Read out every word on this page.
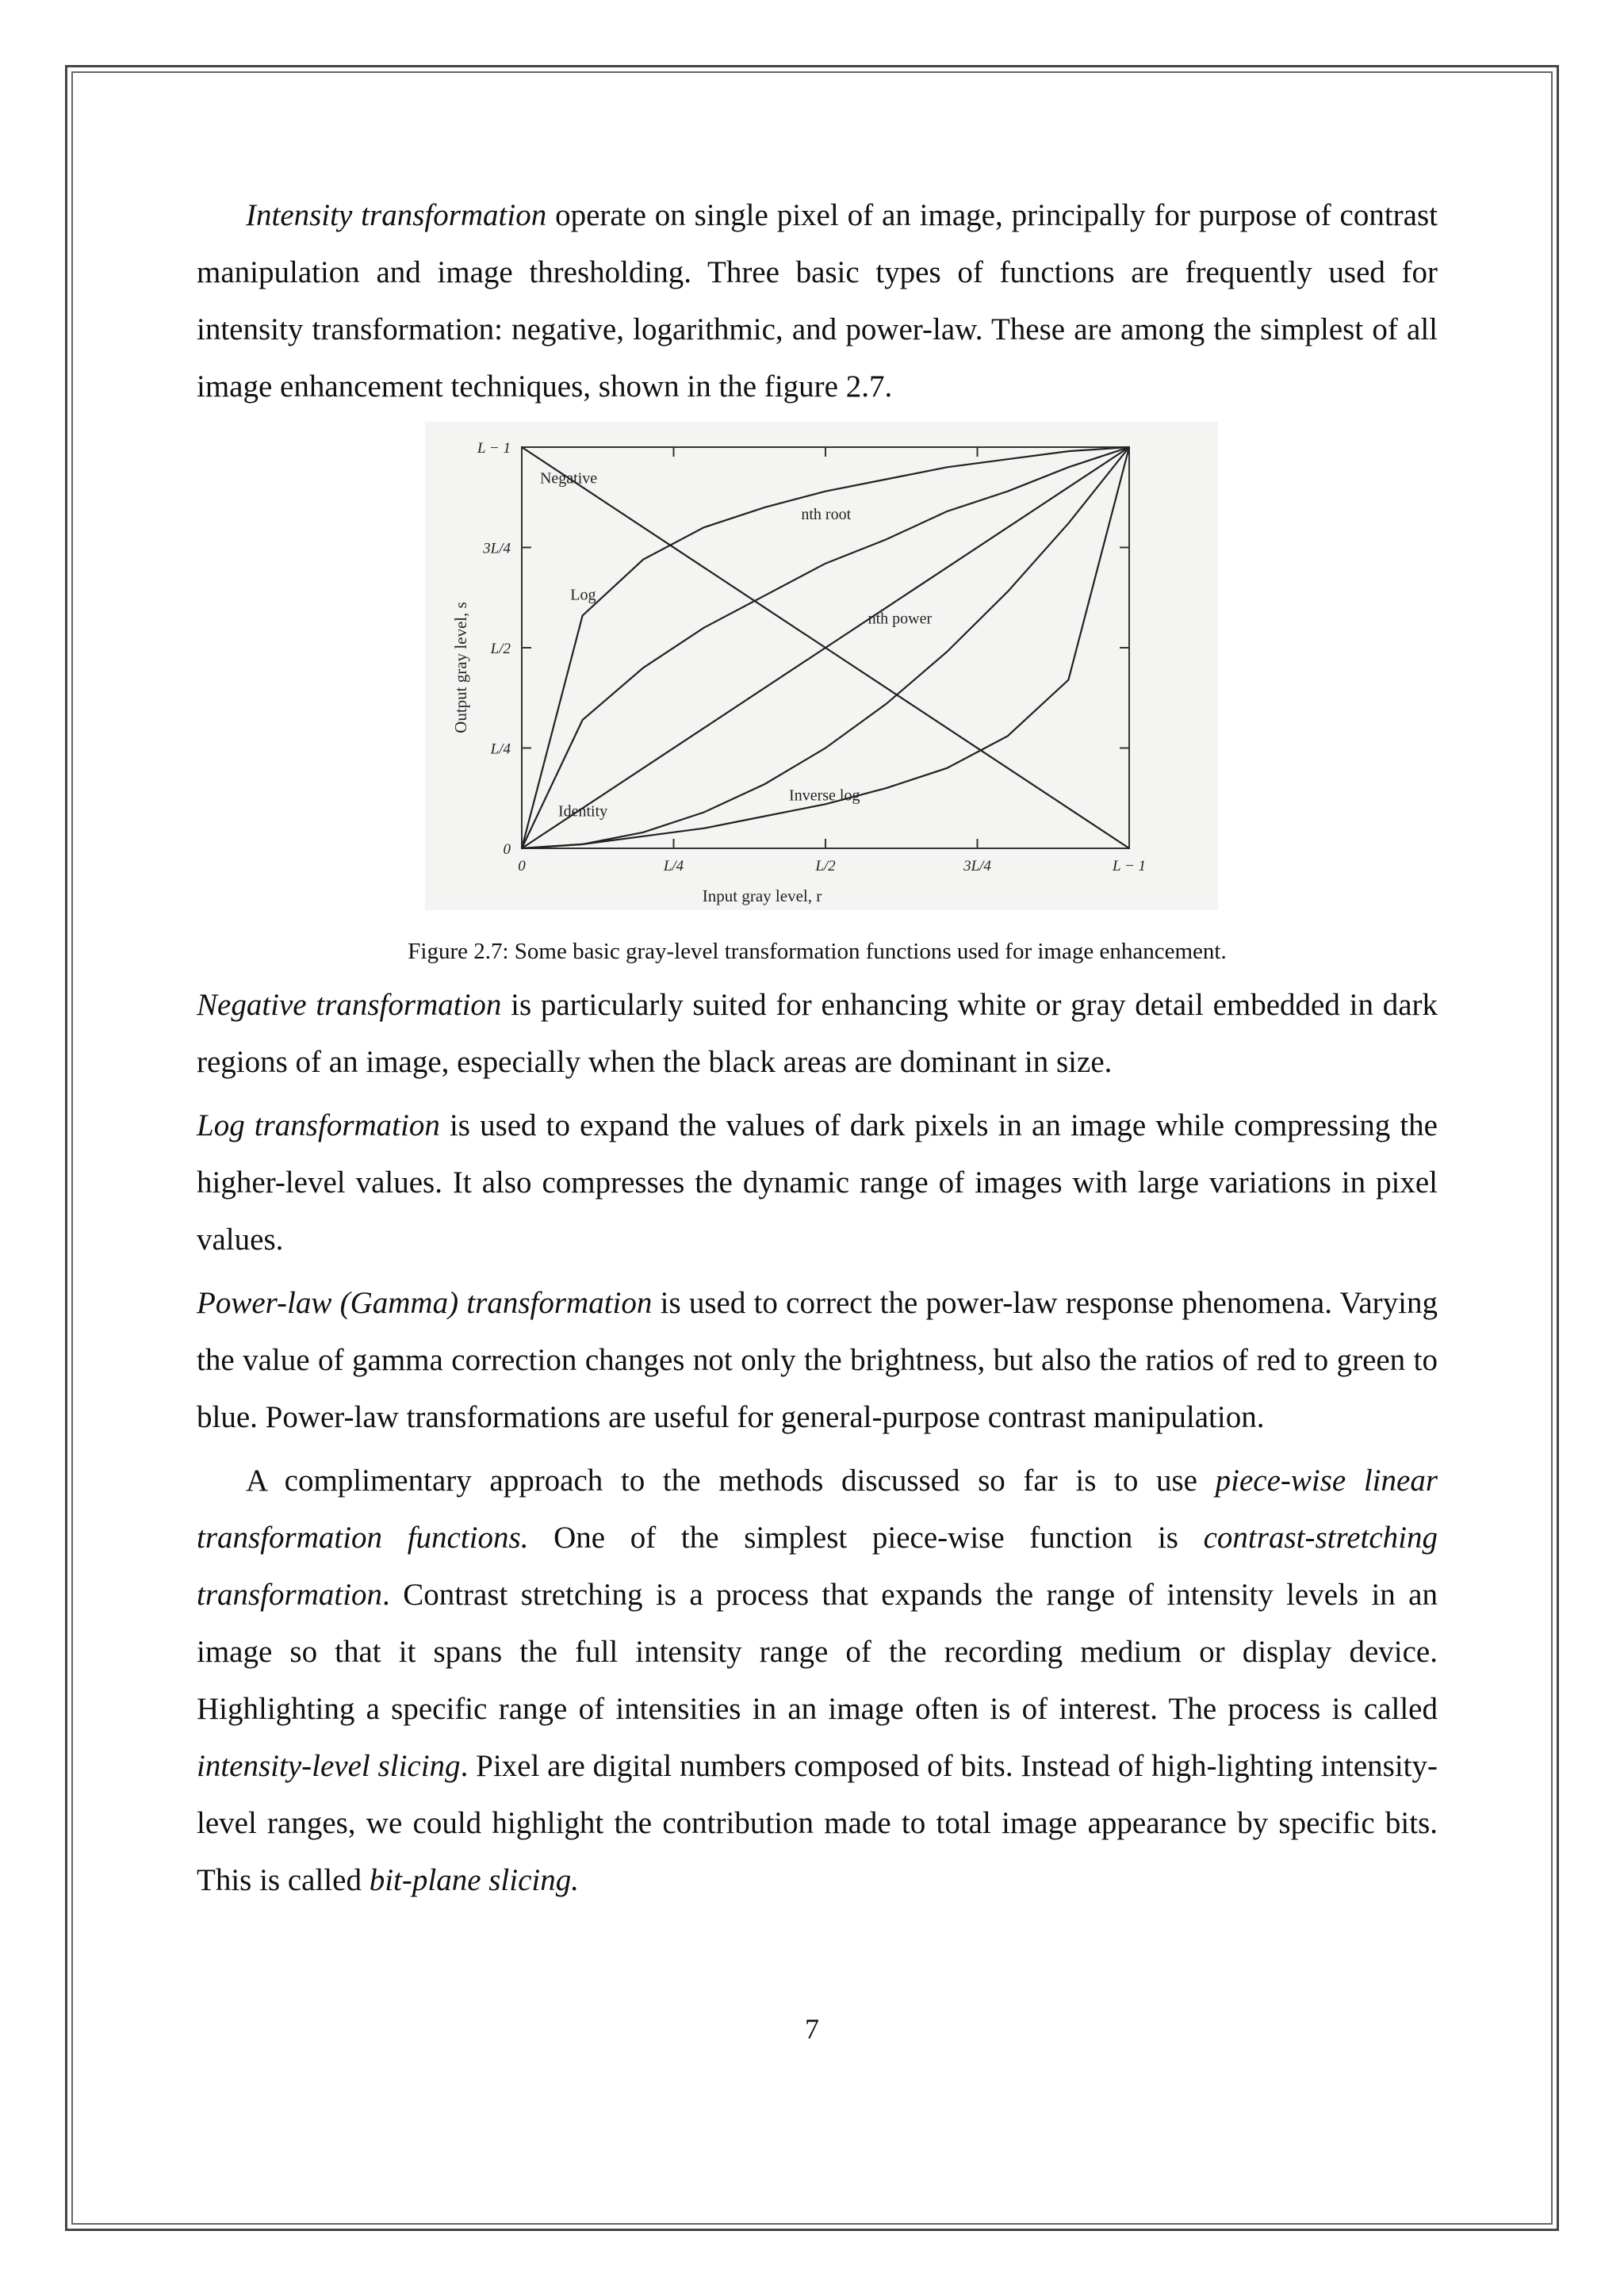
Intensity transformation operate on single pixel of an image, principally for purpose of contrast manipulation and image thresholding. Three basic types of functions are frequently used for intensity transformation: negative, logarithmic, and power-law. These are among the simplest of all image enhancement techniques, shown in the figure 2.7.

0	L/4	L/2	3L/4	L − 1
0
L/4
L/2
3L/4
L − 1
Negative
nth root
Log
nth power
Identity
Inverse log
Input gray level, r
Output gray level, s
Figure 2.7: Some basic gray-level transformation functions used for image enhancement.

Negative transformation is particularly suited for enhancing white or gray detail embedded in dark regions of an image, especially when the black areas are dominant in size.

Log transformation is used to expand the values of dark pixels in an image while compressing the higher-level values. It also compresses the dynamic range of images with large variations in pixel values.

Power-law (Gamma) transformation is used to correct the power-law response phenomena. Varying the value of gamma correction changes not only the brightness, but also the ratios of red to green to blue. Power-law transformations are useful for general-purpose contrast manipulation.

A complimentary approach to the methods discussed so far is to use piece-wise linear transformation functions. One of the simplest piece-wise function is contrast-stretching transformation. Contrast stretching is a process that expands the range of intensity levels in an image so that it spans the full intensity range of the recording medium or display device. Highlighting a specific range of intensities in an image often is of interest. The process is called intensity-level slicing. Pixel are digital numbers composed of bits. Instead of high-lighting intensity-level ranges, we could highlight the contribution made to total image appearance by specific bits. This is called bit-plane slicing.

7
